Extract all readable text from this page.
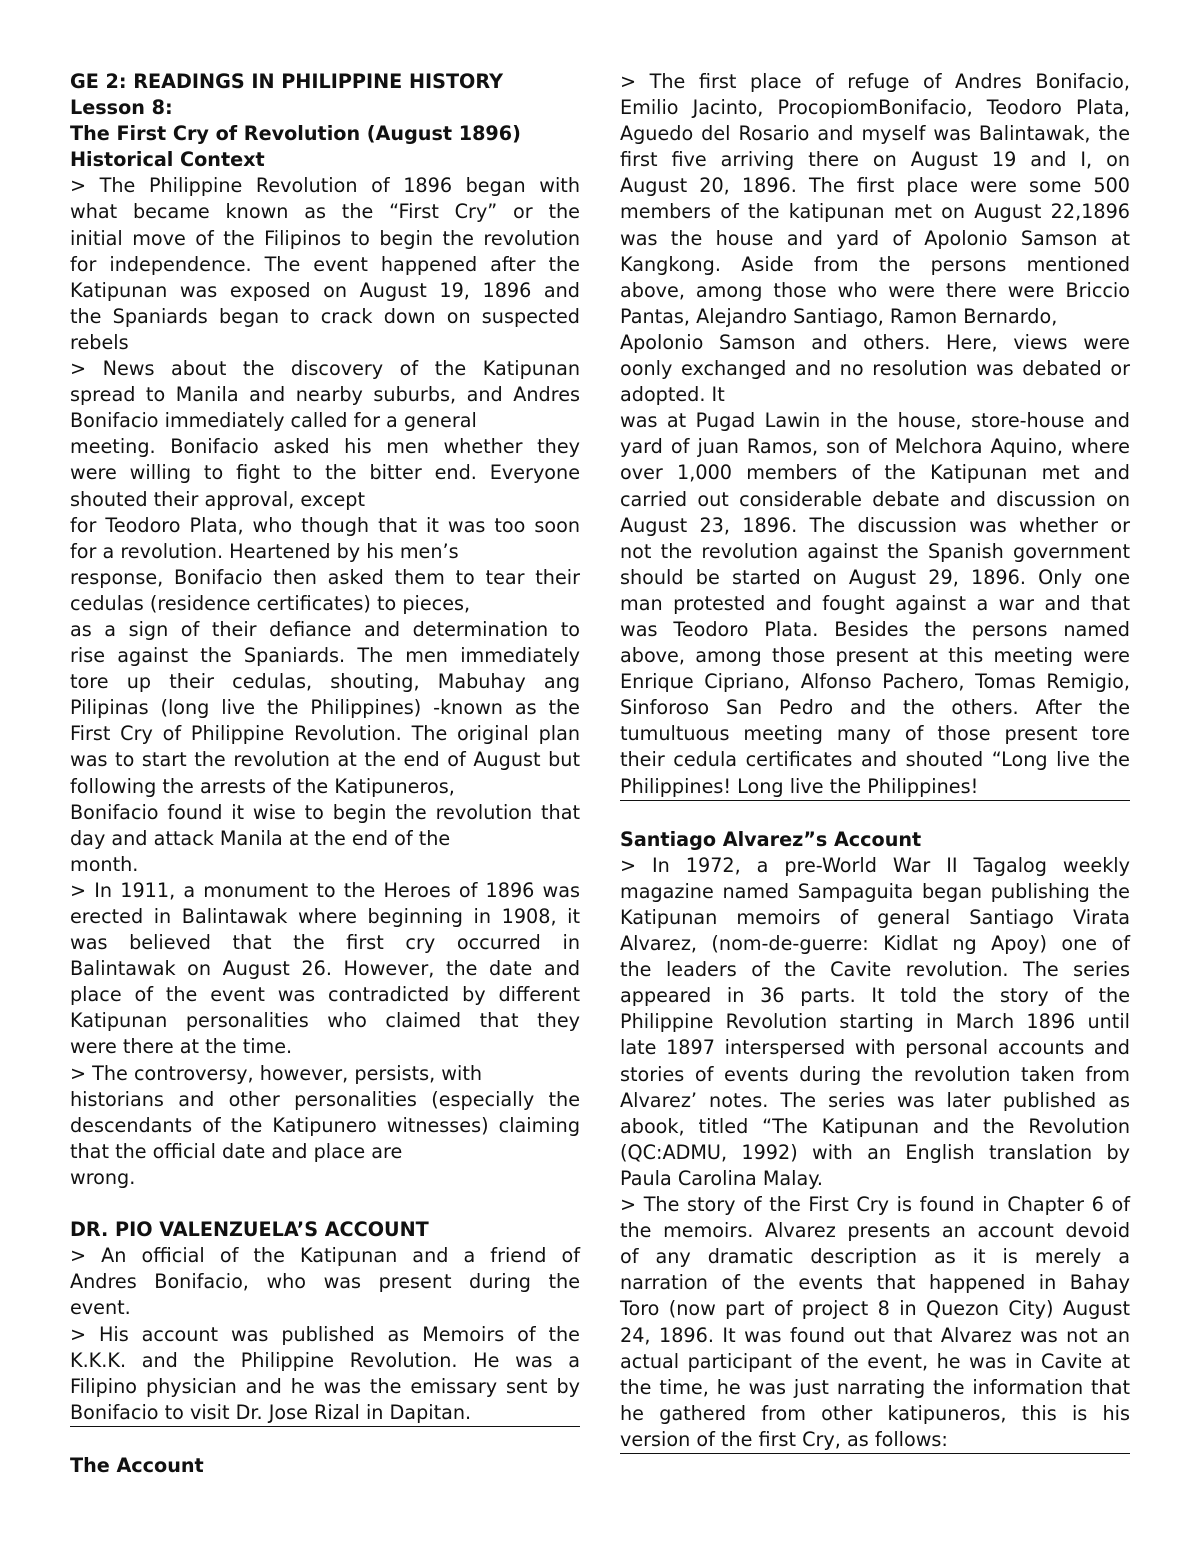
GE 2: READINGS IN PHILIPPINE HISTORY

Lesson 8:

The First Cry of Revolution (August 1896)

Historical Context

> The Philippine Revolution of 1896 began with

what became known as the “First Cry” or the

initial move of the Filipinos to begin the revolution

for independence. The event happened after the

Katipunan was exposed on August 19, 1896 and

the Spaniards began to crack down on suspected

rebels

> News about the discovery of the Katipunan

spread to Manila and nearby suburbs, and Andres

Bonifacio immediately called for a general

meeting. Bonifacio asked his men whether they

were willing to fight to the bitter end. Everyone

shouted their approval, except

for Teodoro Plata, who though that it was too soon

for a revolution. Heartened by his men’s

response, Bonifacio then asked them to tear their

cedulas (residence certificates) to pieces,

as a sign of their defiance and determination to

rise against the Spaniards. The men immediately

tore up their cedulas, shouting, Mabuhay ang

Pilipinas (long live the Philippines) -known as the

First Cry of Philippine Revolution. The original plan

was to start the revolution at the end of August but

following the arrests of the Katipuneros,

Bonifacio found it wise to begin the revolution that

day and attack Manila at the end of the

month.

> In 1911, a monument to the Heroes of 1896 was

erected in Balintawak where beginning in 1908, it

was believed that the first cry occurred in

Balintawak on August 26. However, the date and

place of the event was contradicted by different

Katipunan personalities who claimed that they

were there at the time.

> The controversy, however, persists, with

historians and other personalities (especially the

descendants of the Katipunero witnesses) claiming

that the official date and place are

wrong.

DR. PIO VALENZUELA’S ACCOUNT

> An official of the Katipunan and a friend of

Andres Bonifacio, who was present during the

event.

> His account was published as Memoirs of the

K.K.K. and the Philippine Revolution. He was a

Filipino physician and he was the emissary sent by

Bonifacio to visit Dr. Jose Rizal in Dapitan.

The Account

> The first place of refuge of Andres Bonifacio,

Emilio Jacinto, ProcopiomBonifacio, Teodoro Plata,

Aguedo del Rosario and myself was Balintawak, the

first five arriving there on August 19 and I, on

August 20, 1896. The first place were some 500

members of the katipunan met on August 22,1896

was the house and yard of Apolonio Samson at

Kangkong. Aside from the persons mentioned

above, among those who were there were Briccio

Pantas, Alejandro Santiago, Ramon Bernardo,

Apolonio Samson and others. Here, views were

oonly exchanged and no resolution was debated or

adopted. It

was at Pugad Lawin in the house, store-house and

yard of juan Ramos, son of Melchora Aquino, where

over 1,000 members of the Katipunan met and

carried out considerable debate and discussion on

August 23, 1896. The discussion was whether or

not the revolution against the Spanish government

should be started on August 29, 1896. Only one

man protested and fought against a war and that

was Teodoro Plata. Besides the persons named

above, among those present at this meeting were

Enrique Cipriano, Alfonso Pachero, Tomas Remigio,

Sinforoso San Pedro and the others. After the

tumultuous meeting many of those present tore

their cedula certificates and shouted “Long live the

Philippines! Long live the Philippines!

Santiago Alvarez”s Account

> In 1972, a pre-World War II Tagalog weekly

magazine named Sampaguita began publishing the

Katipunan memoirs of general Santiago Virata

Alvarez, (nom-de-guerre: Kidlat ng Apoy) one of

the leaders of the Cavite revolution. The series

appeared in 36 parts. It told the story of the

Philippine Revolution starting in March 1896 until

late 1897 interspersed with personal accounts and

stories of events during the revolution taken from

Alvarez’ notes. The series was later published as

abook, titled “The Katipunan and the Revolution

(QC:ADMU, 1992) with an English translation by

Paula Carolina Malay.

> The story of the First Cry is found in Chapter 6 of

the memoirs. Alvarez presents an account devoid

of any dramatic description as it is merely a

narration of the events that happened in Bahay

Toro (now part of project 8 in Quezon City) August

24, 1896. It was found out that Alvarez was not an

actual participant of the event, he was in Cavite at

the time, he was just narrating the information that

he gathered from other katipuneros, this is his

version of the first Cry, as follows:
